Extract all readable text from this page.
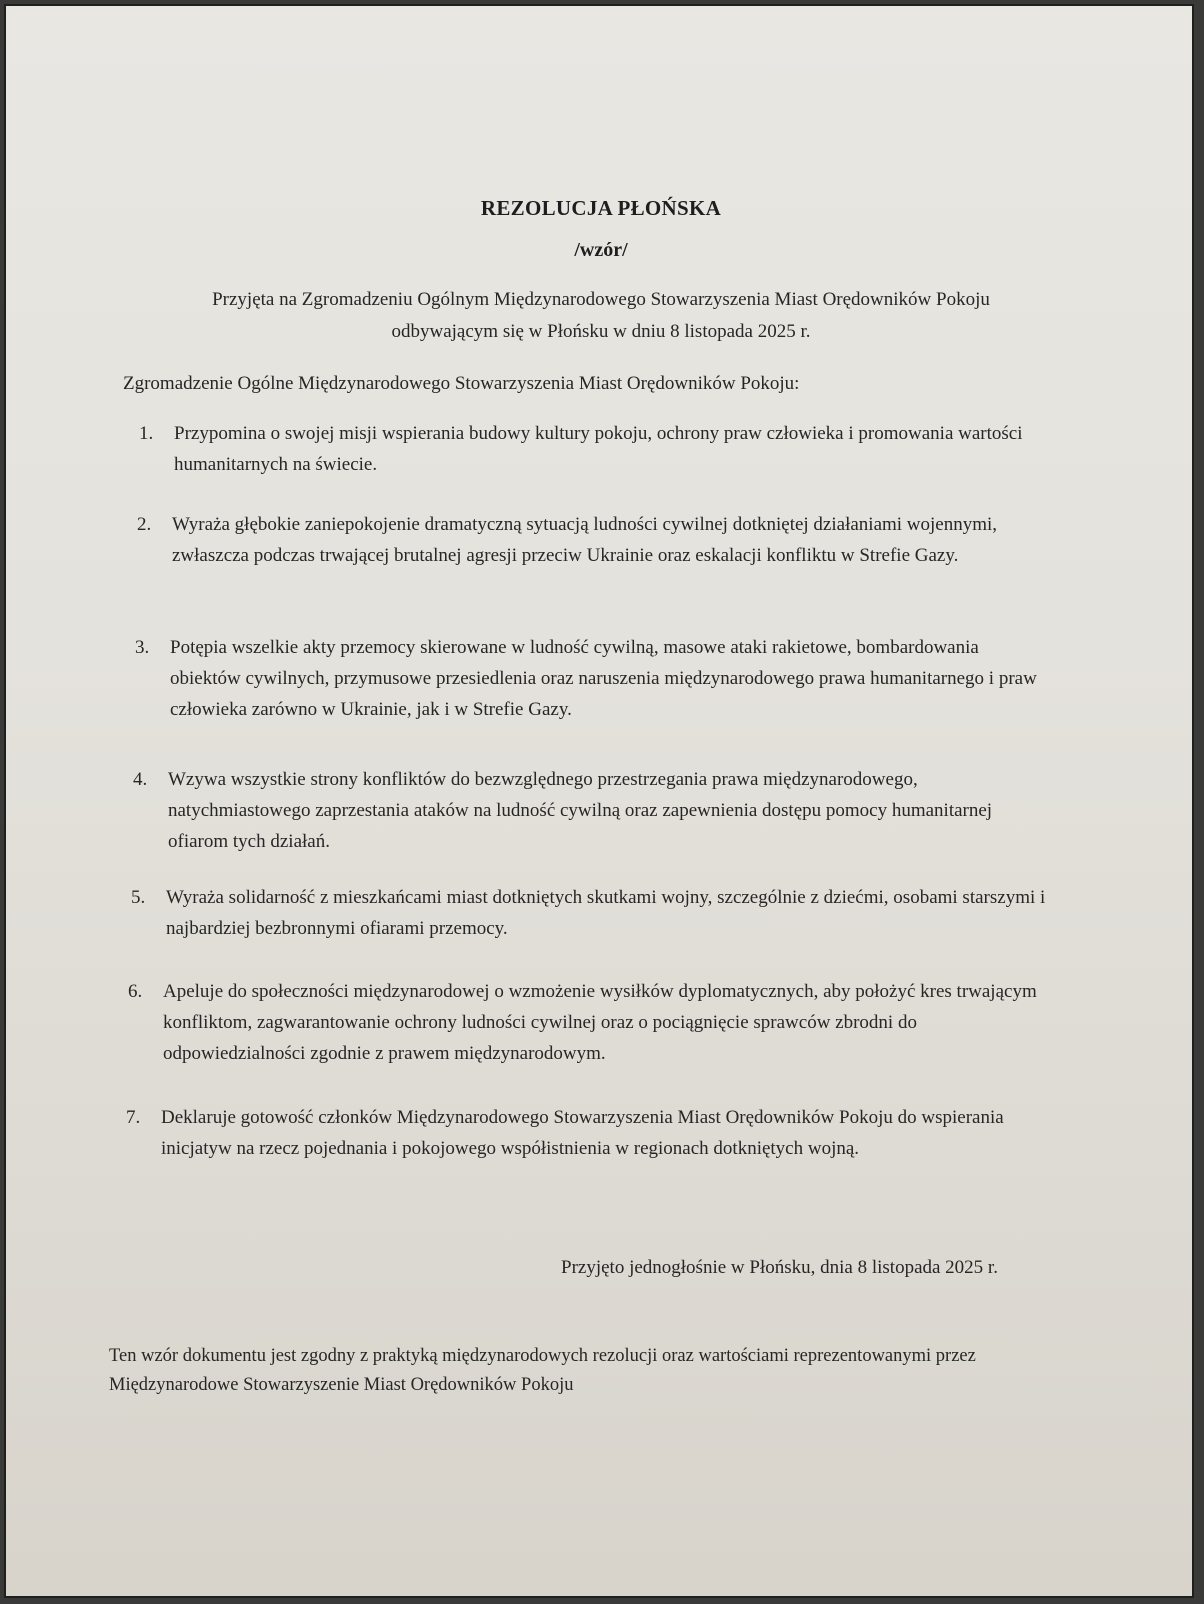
REZOLUCJA PŁOŃSKA
/wzór/
Przyjęta na Zgromadzeniu Ogólnym Międzynarodowego Stowarzyszenia Miast Orędowników Pokoju
odbywającym się w Płońsku w dniu 8 listopada 2025 r.
Zgromadzenie Ogólne Międzynarodowego Stowarzyszenia Miast Orędowników Pokoju:
1.	Przypomina o swojej misji wspierania budowy kultury pokoju, ochrony praw człowieka i promowania wartości humanitarnych na świecie.
2.	Wyraża głębokie zaniepokojenie dramatyczną sytuacją ludności cywilnej dotkniętej działaniami wojennymi, zwłaszcza podczas trwającej brutalnej agresji przeciw Ukrainie oraz eskalacji konfliktu w Strefie Gazy.
3.	Potępia wszelkie akty przemocy skierowane w ludność cywilną, masowe ataki rakietowe, bombardowania obiektów cywilnych, przymusowe przesiedlenia oraz naruszenia międzynarodowego prawa humanitarnego i praw człowieka zarówno w Ukrainie, jak i w Strefie Gazy.
4.	Wzywa wszystkie strony konfliktów do bezwzględnego przestrzegania prawa międzynarodowego, natychmiastowego zaprzestania ataków na ludność cywilną oraz zapewnienia dostępu pomocy humanitarnej ofiarom tych działań.
5.	Wyraża solidarność z mieszkańcami miast dotkniętych skutkami wojny, szczególnie z dziećmi, osobami starszymi i najbardziej bezbronnymi ofiarami przemocy.
6.	Apeluje do społeczności międzynarodowej o wzmożenie wysiłków dyplomatycznych, aby położyć kres trwającym konfliktom, zagwarantowanie ochrony ludności cywilnej oraz o pociągnięcie sprawców zbrodni do odpowiedzialności zgodnie z prawem międzynarodowym.
7.	Deklaruje gotowość członków Międzynarodowego Stowarzyszenia Miast Orędowników Pokoju do wspierania inicjatyw na rzecz pojednania i pokojowego współistnienia w regionach dotkniętych wojną.
Przyjęto jednogłośnie w Płońsku, dnia 8 listopada 2025 r.
Ten wzór dokumentu jest zgodny z praktyką międzynarodowych rezolucji oraz wartościami reprezentowanymi przez Międzynarodowe Stowarzyszenie Miast Orędowników Pokoju
